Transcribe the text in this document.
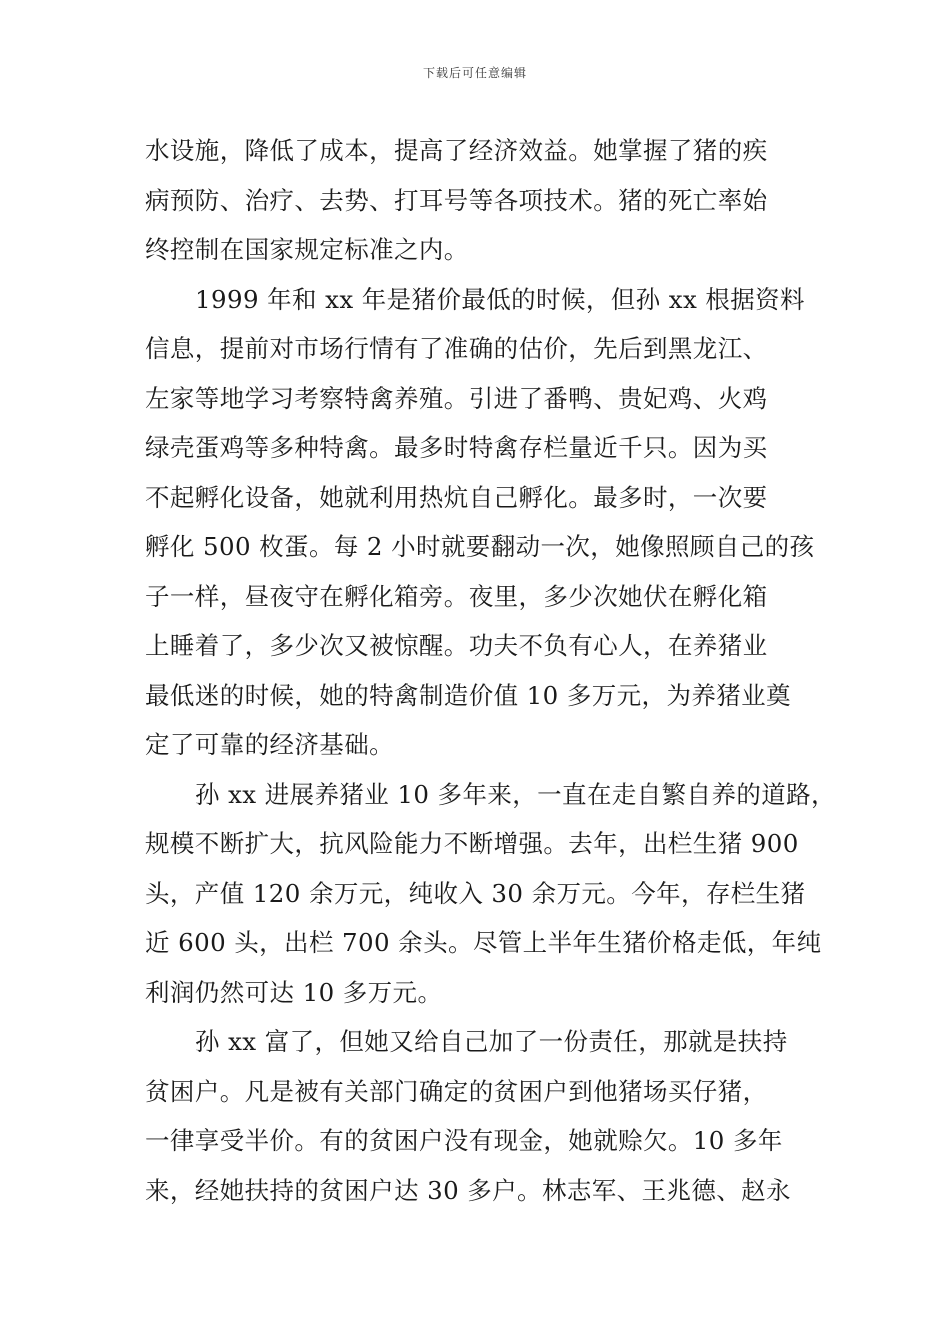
下载后可任意编辑
水设施，降低了成本，提高了经济效益。她掌握了猪的疾
病预防、治疗、去势、打耳号等各项技术。猪的死亡率始
终控制在国家规定标准之内。
1999 年和 xx 年是猪价最低的时候，但孙 xx 根据资料
信息，提前对市场行情有了准确的估价，先后到黑龙江、
左家等地学习考察特禽养殖。引进了番鸭、贵妃鸡、火鸡
绿壳蛋鸡等多种特禽。最多时特禽存栏量近千只。因为买
不起孵化设备，她就利用热炕自己孵化。最多时，一次要
孵化 500 枚蛋。每 2 小时就要翻动一次，她像照顾自己的孩
子一样，昼夜守在孵化箱旁。夜里，多少次她伏在孵化箱
上睡着了，多少次又被惊醒。功夫不负有心人，在养猪业
最低迷的时候，她的特禽制造价值 10 多万元，为养猪业奠
定了可靠的经济基础。
孙 xx 进展养猪业 10 多年来，一直在走自繁自养的道路，
规模不断扩大，抗风险能力不断增强。去年，出栏生猪 900
头，产值 120 余万元，纯收入 30 余万元。今年，存栏生猪
近 600 头，出栏 700 余头。尽管上半年生猪价格走低，年纯
利润仍然可达 10 多万元。
孙 xx 富了，但她又给自己加了一份责任，那就是扶持
贫困户。凡是被有关部门确定的贫困户到他猪场买仔猪，
一律享受半价。有的贫困户没有现金，她就赊欠。10 多年
来，经她扶持的贫困户达 30 多户。林志军、王兆德、赵永
